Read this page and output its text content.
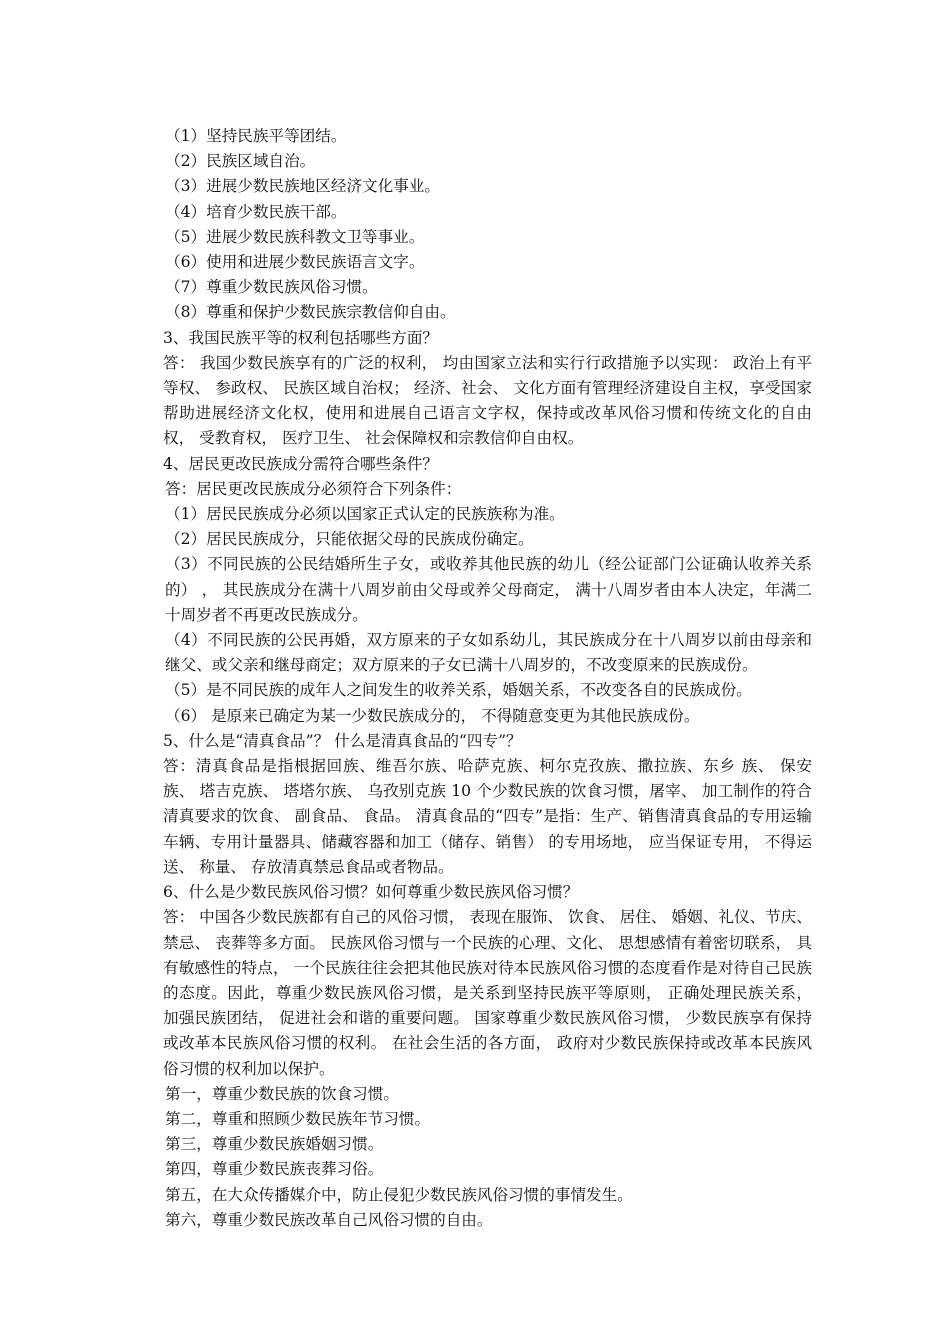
（1）坚持民族平等团结。

（2）民族区域自治。

（3）进展少数民族地区经济文化事业。

（4）培育少数民族干部。

（5）进展少数民族科教文卫等事业。

（6）使用和进展少数民族语言文字。

（7）尊重少数民族风俗习惯。

（8）尊重和保护少数民族宗教信仰自由。

3、我国民族平等的权利包括哪些方面？

答： 我国少数民族享有的广泛的权利， 均由国家立法和实行行政措施予以实现： 政治上有平等权、 参政权、 民族区域自治权； 经济、社会、 文化方面有管理经济建设自主权，享受国家帮助进展经济文化权，使用和进展自己语言文字权，保持或改革风俗习惯和传统文化的自由权， 受教育权， 医疗卫生、 社会保障权和宗教信仰自由权。

4、居民更改民族成分需符合哪些条件？

答：居民更改民族成分必须符合下列条件：

（1）居民民族成分必须以国家正式认定的民族族称为准。

（2）居民民族成分，只能依据父母的民族成份确定。

（3）不同民族的公民结婚所生子女，或收养其他民族的幼儿（经公证部门公证确认收养关系的） ， 其民族成分在满十八周岁前由父母或养父母商定， 满十八周岁者由本人决定，年满二十周岁者不再更改民族成分。

（4）不同民族的公民再婚，双方原来的子女如系幼儿，其民族成分在十八周岁以前由母亲和继父、或父亲和继母商定；双方原来的子女已满十八周岁的，不改变原来的民族成份。

（5）是不同民族的成年人之间发生的收养关系，婚姻关系，不改变各自的民族成份。

（6） 是原来已确定为某一少数民族成分的， 不得随意变更为其他民族成份。

5、什么是“清真食品”？ 什么是清真食品的“四专”？

答：清真食品是指根据回族、维吾尔族、哈萨克族、柯尔克孜族、撒拉族、东乡 族、 保安族、 塔吉克族、 塔塔尔族、 乌孜别克族 10 个少数民族的饮食习惯，屠宰、 加工制作的符合清真要求的饮食、 副食品、 食品。 清真食品的“四专”是指：生产、销售清真食品的专用运输车辆、专用计量器具、储藏容器和加工（储存、销售） 的专用场地， 应当保证专用， 不得运送、 称量、 存放清真禁忌食品或者物品。

6、什么是少数民族风俗习惯？如何尊重少数民族风俗习惯？

答： 中国各少数民族都有自己的风俗习惯， 表现在服饰、 饮食、 居住、 婚姻、礼仪、节庆、 禁忌、 丧葬等多方面。 民族风俗习惯与一个民族的心理、文化、 思想感情有着密切联系， 具有敏感性的特点， 一个民族往往会把其他民族对待本民族风俗习惯的态度看作是对待自己民族的态度。因此，尊重少数民族风俗习惯，是关系到坚持民族平等原则， 正确处理民族关系， 加强民族团结， 促进社会和谐的重要问题。 国家尊重少数民族风俗习惯， 少数民族享有保持或改革本民族风俗习惯的权利。 在社会生活的各方面， 政府对少数民族保持或改革本民族风俗习惯的权利加以保护。

第一，尊重少数民族的饮食习惯。

第二，尊重和照顾少数民族年节习惯。

第三，尊重少数民族婚姻习惯。

第四，尊重少数民族丧葬习俗。

第五，在大众传播媒介中，防止侵犯少数民族风俗习惯的事情发生。

第六，尊重少数民族改革自己风俗习惯的自由。
